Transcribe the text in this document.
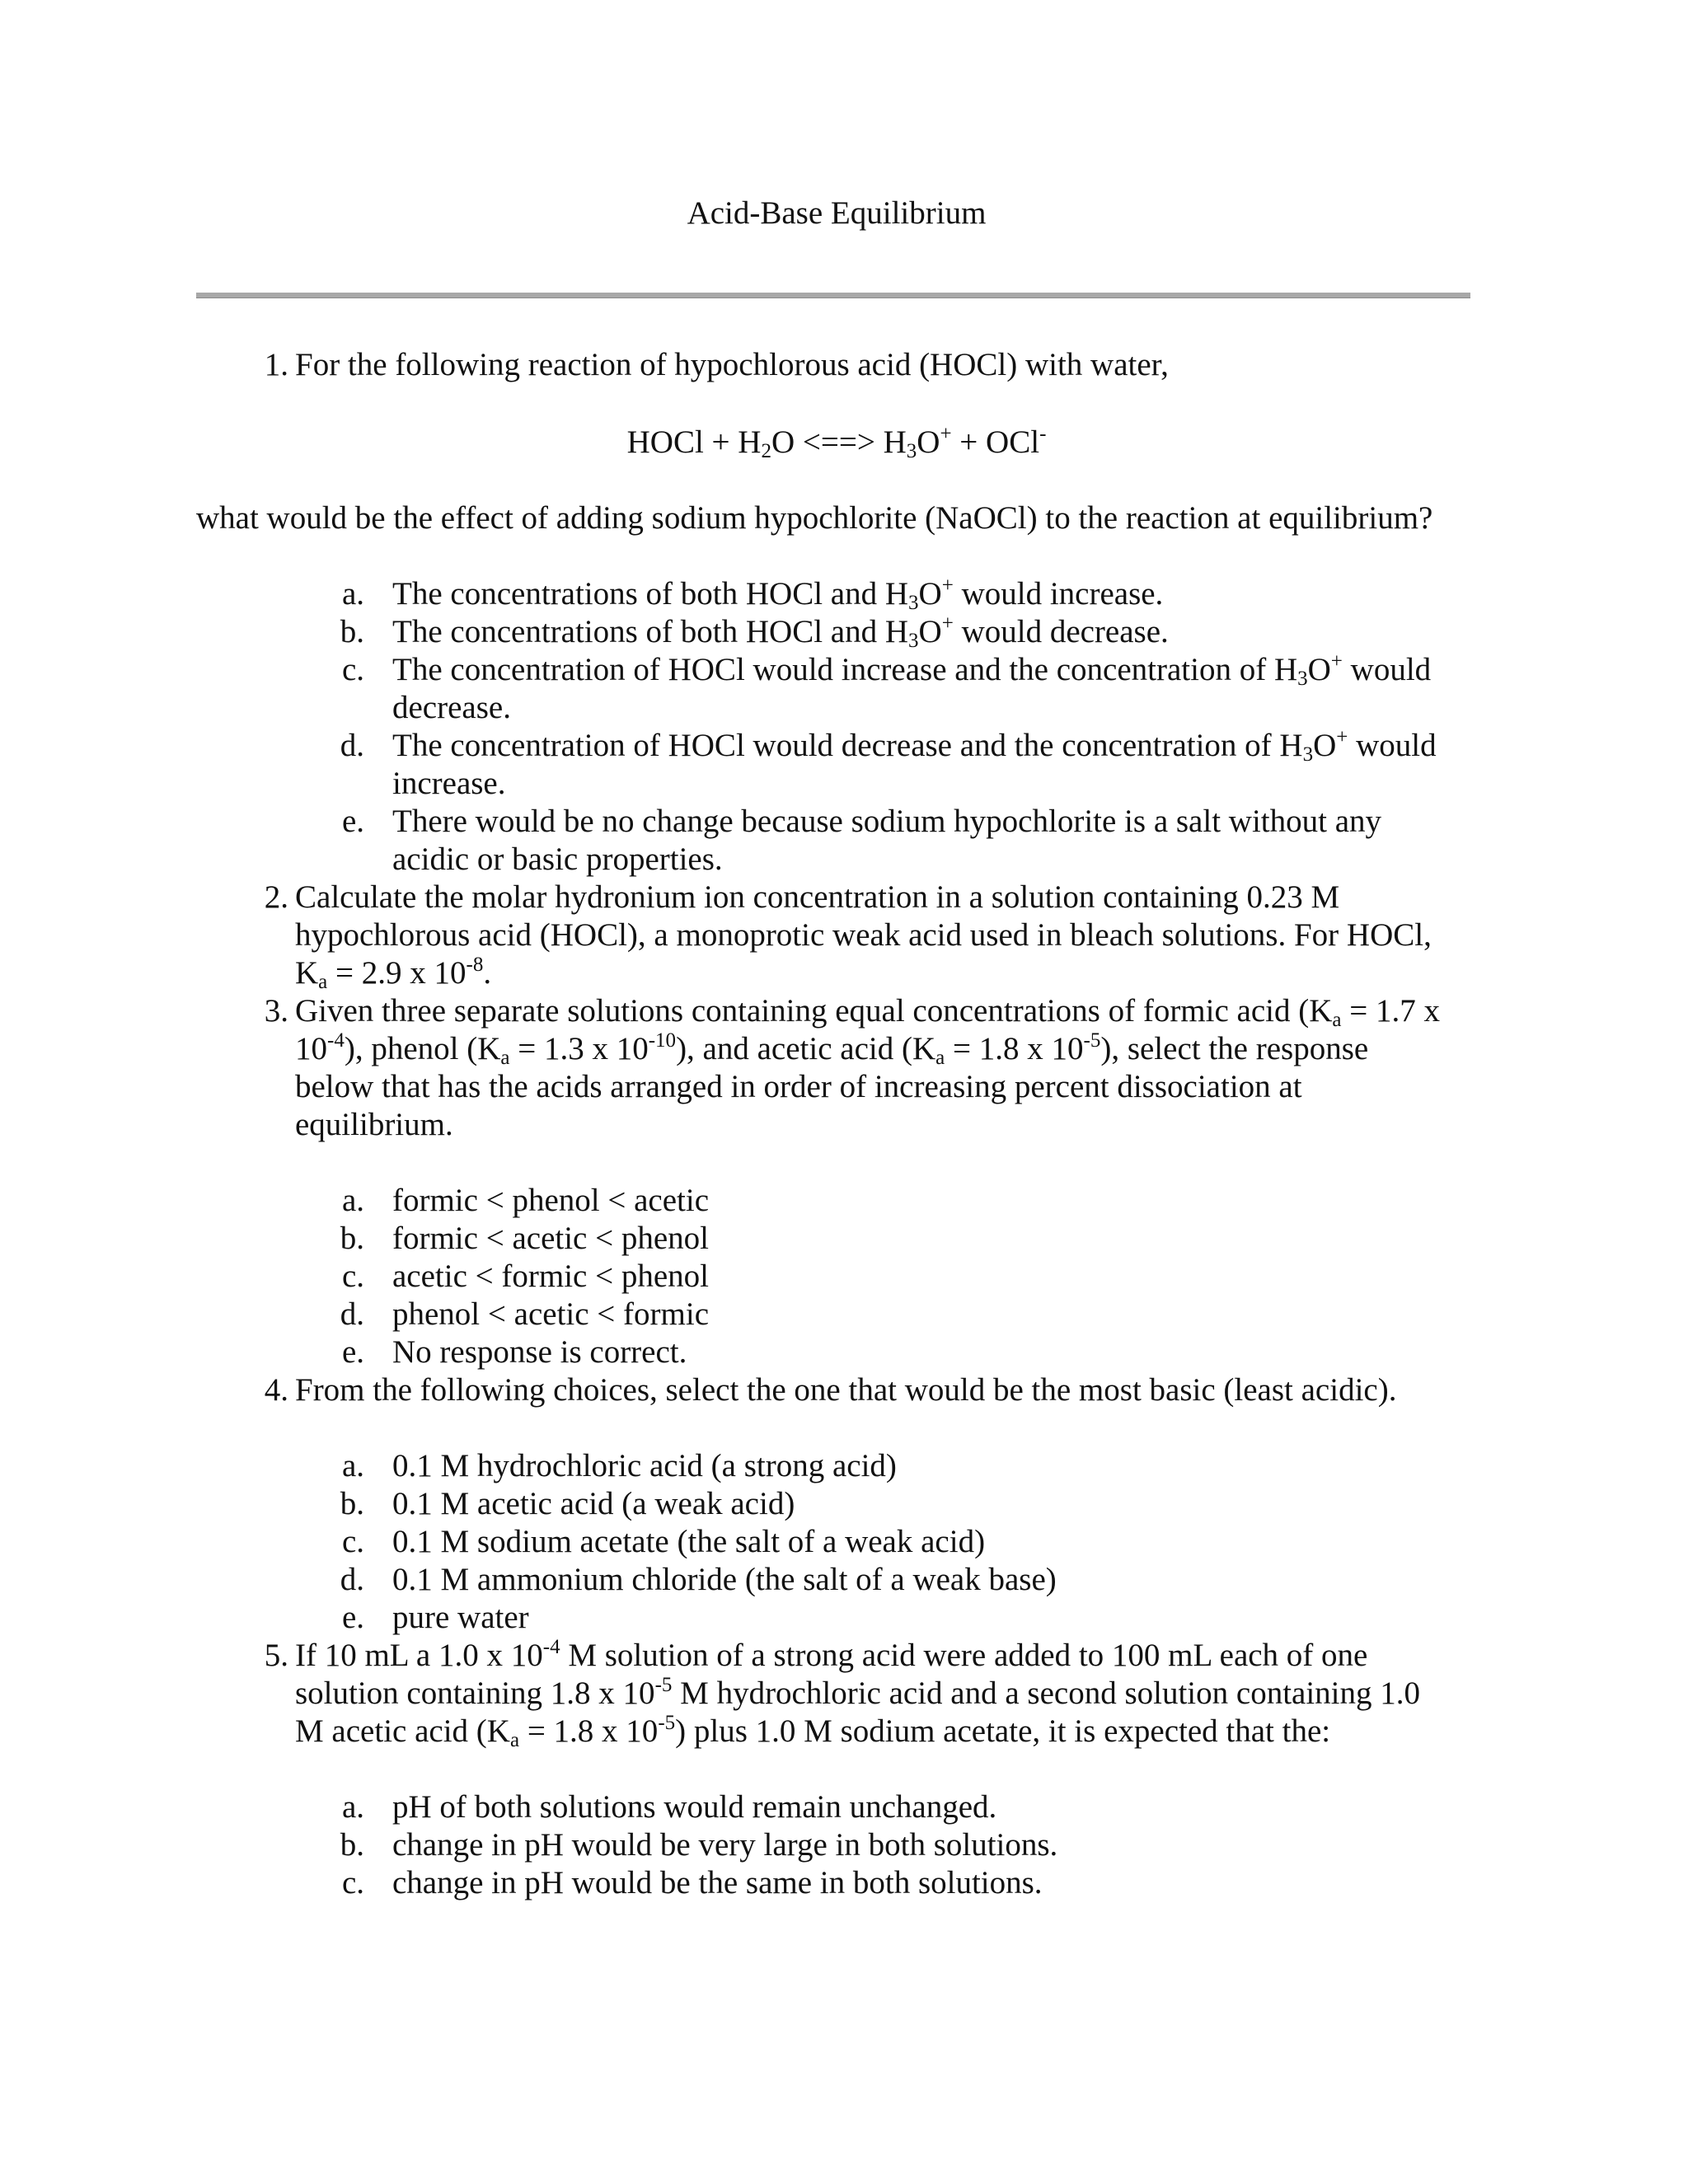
Acid-Base Equilibrium
1. For the following reaction of hypochlorous acid (HOCl) with water,
HOCl + $H_2O$ <==> $H_3O^+ + OCl^-$
what would be the effect of adding sodium hypochlorite (NaOCl) to the reaction at equilibrium?
a. The concentrations of both HOCl and $H_3O^+$ would increase.
b. The concentrations of both HOCl and $H_3O^+$ would decrease.
c. The concentration of HOCl would increase and the concentration of $H_3O^+$ would
decrease.
d. The concentration of HOCl would decrease and the concentration of $H_3O^+$ would
increase.
e. There would be no change because sodium hypochlorite is a salt without any
acidic or basic properties.
2. Calculate the molar hydronium ion concentration in a solution containing 0.23 M
hypochlorous acid (HOCl), a monoprotic weak acid used in bleach solutions. For HOCl,
$K_a = 2.9$ x $10^{-8}$.
3. Given three separate solutions containing equal concentrations of formic acid ($K_a = 1.7$ x
$10^{-4}$), phenol ($K_a = 1.3$ x $10^{-10}$), and acetic acid ($K_a = 1.8$ x $10^{-5}$), select the response
below that has the acids arranged in order of increasing percent dissociation at
equilibrium.
a. formic < phenol < acetic
b. formic < acetic < phenol
c. acetic < formic < phenol
d. phenol < acetic < formic
e. No response is correct.
4. From the following choices, select the one that would be the most basic (least acidic).
a. 0.1 M hydrochloric acid (a strong acid)
b. 0.1 M acetic acid (a weak acid)
c. 0.1 M sodium acetate (the salt of a weak acid)
d. 0.1 M ammonium chloride (the salt of a weak base)
e. pure water
5. If 10 mL a 1.0 x $10^{-4}$ M solution of a strong acid were added to 100 mL each of one
solution containing 1.8 x $10^{-5}$ M hydrochloric acid and a second solution containing 1.0
M acetic acid ($K_a = 1.8$ x $10^{-5}$) plus 1.0 M sodium acetate, it is expected that the:
a. pH of both solutions would remain unchanged.
b. change in pH would be very large in both solutions.
c. change in pH would be the same in both solutions.
